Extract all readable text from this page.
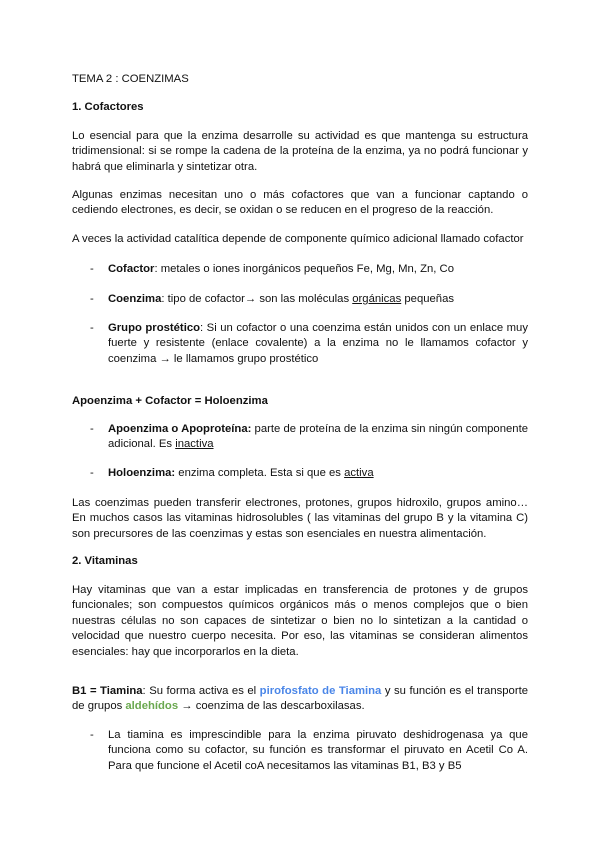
TEMA 2 : COENZIMAS
1. Cofactores

Lo esencial para que la enzima desarrolle su actividad es que mantenga su estructura tridimensional: si se rompe la cadena de la proteína de la enzima, ya no podrá funcionar y habrá que eliminarla y sintetizar otra.

Algunas enzimas necesitan uno o más cofactores que van a funcionar captando o cediendo electrones, es decir, se oxidan o se reducen en el progreso de la reacción.

A veces la actividad catalítica depende de componente químico adicional llamado cofactor

- Cofactor: metales o iones inorgánicos pequeños Fe, Mg, Mn, Zn, Co
- Coenzima: tipo de cofactor→ son las moléculas orgánicas pequeñas
- Grupo prostético: Si un cofactor o una coenzima están unidos con un enlace muy fuerte y resistente (enlace covalente) a la enzima no le llamamos cofactor y coenzima → le llamamos grupo prostético
Apoenzima + Cofactor = Holoenzima
- Apoenzima o Apoproteína: parte de proteína de la enzima sin ningún componente adicional. Es inactiva
- Holoenzima: enzima completa. Esta si que es activa

Las coenzimas pueden transferir electrones, protones, grupos hidroxilo, grupos amino… En muchos casos las vitaminas hidrosolubles ( las vitaminas del grupo B y la vitamina C) son precursores de las coenzimas y estas son esenciales en nuestra alimentación.

2. Vitaminas

Hay vitaminas que van a estar implicadas en transferencia de protones y de grupos funcionales; son compuestos químicos orgánicos más o menos complejos que o bien nuestras células no son capaces de sintetizar o bien no lo sintetizan a la cantidad o velocidad que nuestro cuerpo necesita. Por eso, las vitaminas se consideran alimentos esenciales: hay que incorporarlos en la dieta.

B1 = Tiamina: Su forma activa es el pirofosfato de Tiamina y su función es el transporte de grupos aldehídos → coenzima de las descarboxilasas.

- La tiamina es imprescindible para la enzima piruvato deshidrogenasa ya que funciona como su cofactor, su función es transformar el piruvato en Acetil Co A. Para que funcione el Acetil coA necesitamos las vitaminas B1, B3 y B5
